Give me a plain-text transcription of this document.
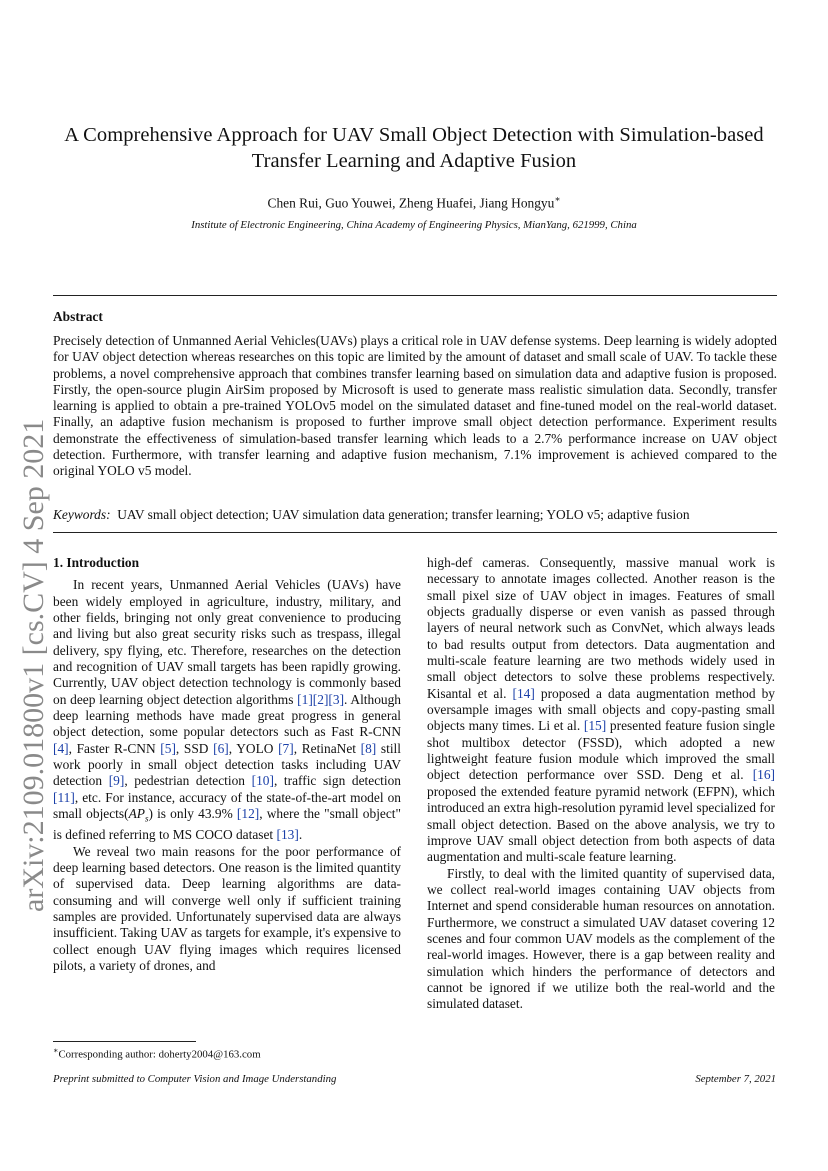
arXiv:2109.01800v1 [cs.CV] 4 Sep 2021
A Comprehensive Approach for UAV Small Object Detection with Simulation-based
Transfer Learning and Adaptive Fusion
Chen Rui, Guo Youwei, Zheng Huafei, Jiang Hongyu∗
Institute of Electronic Engineering, China Academy of Engineering Physics, MianYang, 621999, China
Abstract
Precisely detection of Unmanned Aerial Vehicles(UAVs) plays a critical role in UAV defense systems. Deep learning is widely adopted for UAV object detection whereas researches on this topic are limited by the amount of dataset and small scale of UAV. To tackle these problems, a novel comprehensive approach that combines transfer learning based on simulation data and adaptive fusion is proposed. Firstly, the open-source plugin AirSim proposed by Microsoft is used to generate mass realistic simulation data. Secondly, transfer learning is applied to obtain a pre-trained YOLOv5 model on the simulated dataset and fine-tuned model on the real-world dataset. Finally, an adaptive fusion mechanism is proposed to further improve small object detection performance. Experiment results demonstrate the effectiveness of simulation-based transfer learning which leads to a 2.7% performance increase on UAV object detection. Furthermore, with transfer learning and adaptive fusion mechanism, 7.1% improvement is achieved compared to the original YOLO v5 model.
Keywords: UAV small object detection; UAV simulation data generation; transfer learning; YOLO v5; adaptive fusion
1. Introduction

In recent years, Unmanned Aerial Vehicles (UAVs) have been widely employed in agriculture, industry, military, and other fields, bringing not only great convenience to producing and living but also great security risks such as trespass, illegal delivery, spy flying, etc. Therefore, researches on the detection and recognition of UAV small targets has been rapidly growing. Currently, UAV object detection technology is commonly based on deep learning object detection algorithms [1][2][3]. Although deep learning methods have made great progress in general object detection, some popular detectors such as Fast R-CNN [4], Faster R-CNN [5], SSD [6], YOLO [7], RetinaNet [8] still work poorly in small object detection tasks including UAV detection [9], pedestrian detection [10], traffic sign detection [11], etc. For instance, accuracy of the state-of-the-art model on small $objects(AP_s)$ is only 43.9% [12], where the "small object" is defined referring to MS COCO dataset [13].

We reveal two main reasons for the poor performance of deep learning based detectors. One reason is the limited quantity of supervised data. Deep learning algorithms are data-consuming and will converge well only if sufficient training samples are provided. Unfortunately supervised data are always insufficient. Taking UAV as targets for example, it's expensive to collect enough UAV flying images which requires licensed pilots, a variety of drones, and

high-def cameras. Consequently, massive manual work is necessary to annotate images collected. Another reason is the small pixel size of UAV object in images. Features of small objects gradually disperse or even vanish as passed through layers of neural network such as ConvNet, which always leads to bad results output from detectors. Data augmentation and multi-scale feature learning are two methods widely used in small object detectors to solve these problems respectively. Kisantal et al. [14] proposed a data augmentation method by oversample images with small objects and copy-pasting small objects many times. Li et al. [15] presented feature fusion single shot multibox detector (FSSD), which adopted a new lightweight feature fusion module which improved the small object detection performance over SSD. Deng et al. [16] proposed the extended feature pyramid network (EFPN), which introduced an extra high-resolution pyramid level specialized for small object detection. Based on the above analysis, we try to improve UAV small object detection from both aspects of data augmentation and multi-scale feature learning.

Firstly, to deal with the limited quantity of supervised data, we collect real-world images containing UAV objects from Internet and spend considerable human resources on annotation. Furthermore, we construct a simulated UAV dataset covering 12 scenes and four common UAV models as the complement of the real-world images. However, there is a gap between reality and simulation which hinders the performance of detectors and cannot be ignored if we utilize both the real-world and the simulated dataset.

∗Corresponding author: doherty2004@163.com
Preprint submitted to Computer Vision and Image Understanding	September 7, 2021
